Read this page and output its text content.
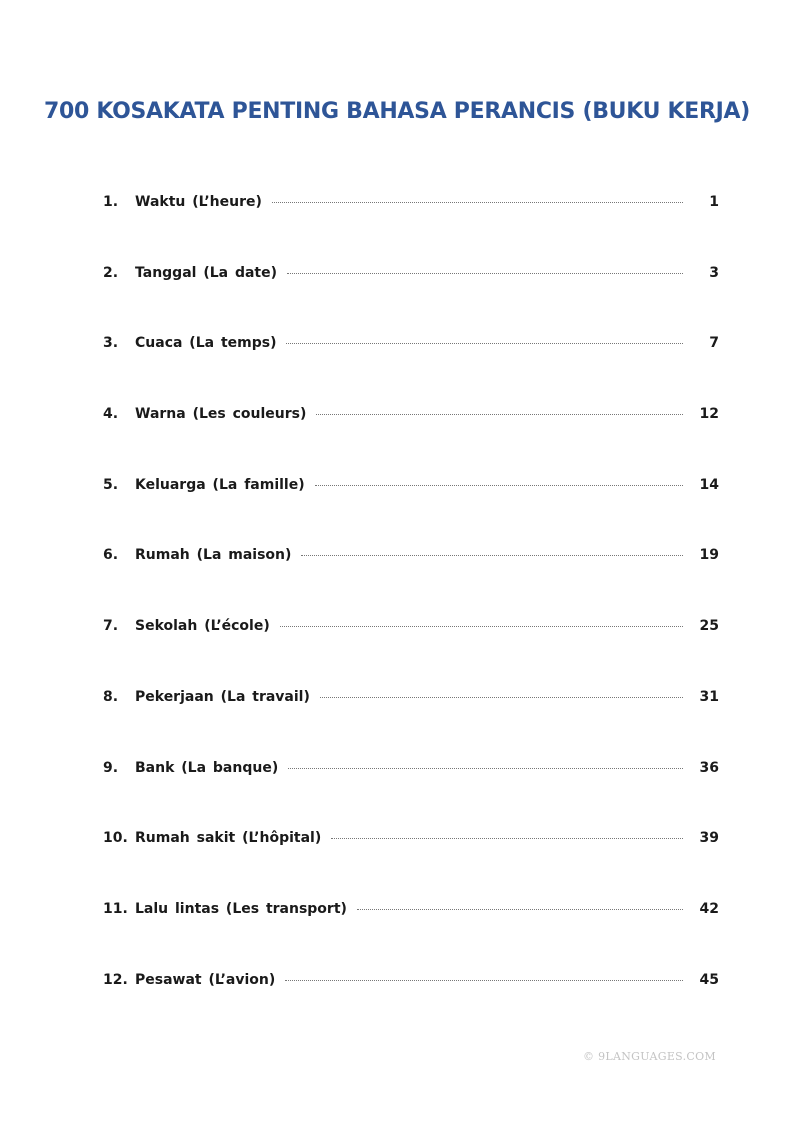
700 KOSAKATA PENTING BAHASA PERANCIS (BUKU KERJA)
1.	Waktu (L’heure)	1
2.	Tanggal (La date)	3
3.	Cuaca (La temps)	7
4.	Warna (Les couleurs)	12
5.	Keluarga (La famille)	14
6.	Rumah (La maison)	19
7.	Sekolah (L’école)	25
8.	Pekerjaan (La travail)	31
9.	Bank (La banque)	36
10. Rumah sakit (L’hôpital)	39
11. Lalu lintas (Les transport)	42
12. Pesawat (L’avion)	45
© 9LANGUAGES.COM
